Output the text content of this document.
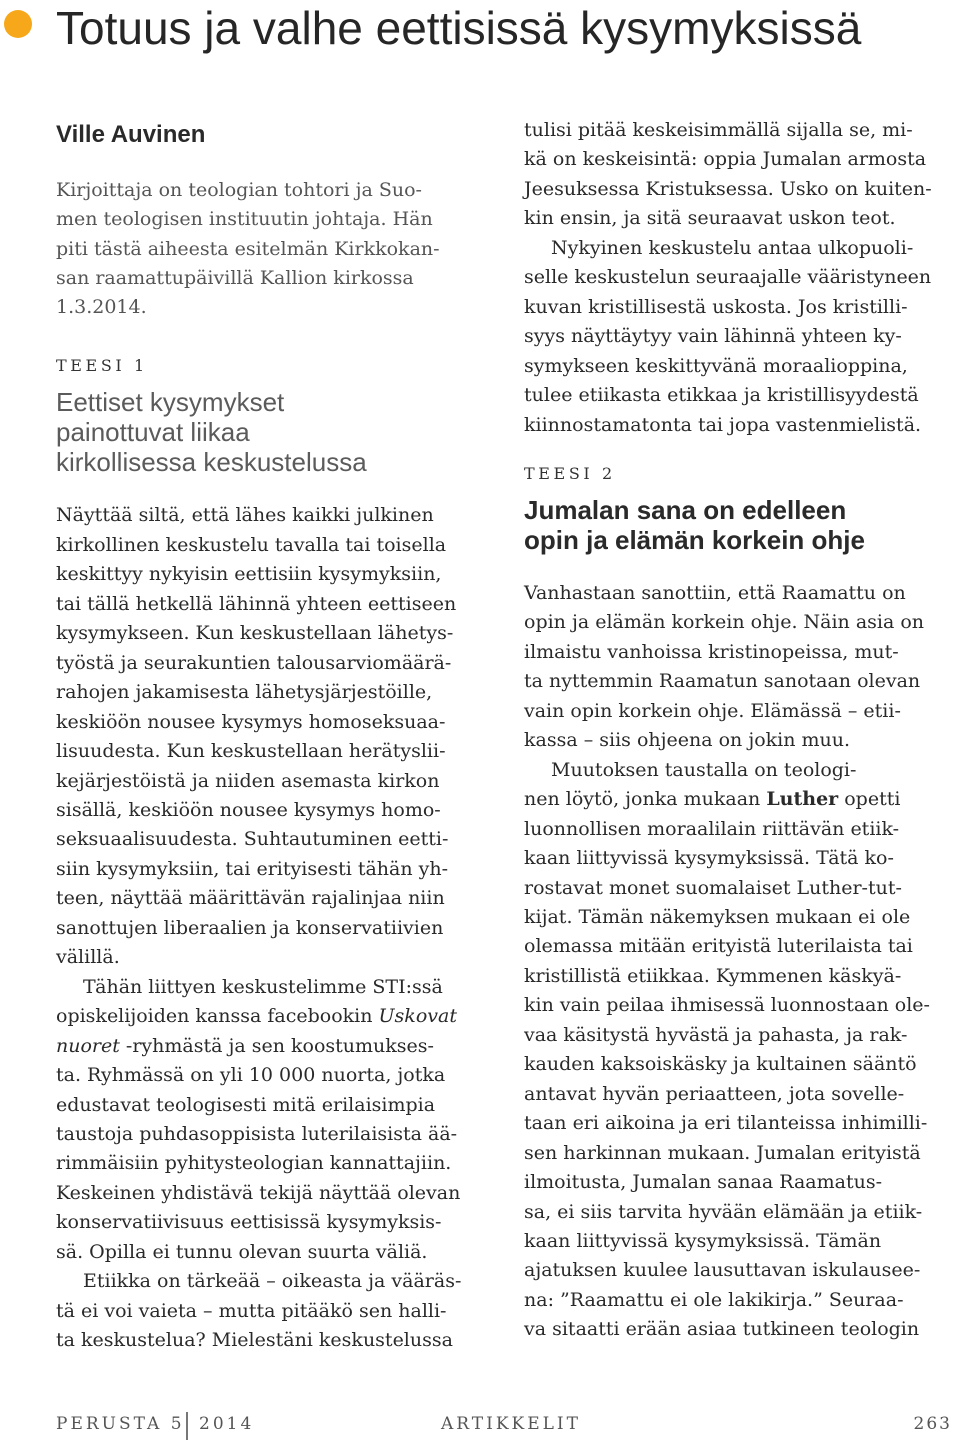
Totuus ja valhe eettisissä kysymyksissä
Ville Auvinen
Kirjoittaja on teologian tohtori ja Suo-
men teologisen instituutin johtaja. Hän
piti tästä aiheesta esitelmän Kirkkokan-
san raamattupäivillä Kallion kirkossa
1.3.2014.
TEESI 1
Eettiset kysymykset
painottuvat liikaa
kirkollisessa keskustelussa
Näyttää siltä, että lähes kaikki julkinen
kirkollinen keskustelu tavalla tai toisella
keskittyy nykyisin eettisiin kysymyksiin,
tai tällä hetkellä lähinnä yhteen eettiseen
kysymykseen. Kun keskustellaan lähetys-
työstä ja seurakuntien talousarviomäärä-
rahojen jakamisesta lähetysjärjestöille,
keskiöön nousee kysymys homoseksuaa-
lisuudesta. Kun keskustellaan herätyslii-
kejärjestöistä ja niiden asemasta kirkon
sisällä, keskiöön nousee kysymys homo-
seksuaalisuudesta. Suhtautuminen eetti-
siin kysymyksiin, tai erityisesti tähän yh-
teen, näyttää määrittävän rajalinjaa niin
sanottujen liberaalien ja konservatiivien
välillä.
Tähän liittyen keskustelimme STI:ssä
opiskelijoiden kanssa facebookin Uskovat
nuoret -ryhmästä ja sen koostumukses-
ta. Ryhmässä on yli 10 000 nuorta, jotka
edustavat teologisesti mitä erilaisimpia
taustoja puhdasoppisista luterilaisista ää-
rimmäisiin pyhitysteologian kannattajiin.
Keskeinen yhdistävä tekijä näyttää olevan
konservatiivisuus eettisissä kysymyksis-
sä. Opilla ei tunnu olevan suurta väliä.
Etiikka on tärkeää – oikeasta ja vääräs-
tä ei voi vaieta – mutta pitääkö sen halli-
ta keskustelua? Mielestäni keskustelussa
tulisi pitää keskeisimmällä sijalla se, mi-
kä on keskeisintä: oppia Jumalan armosta
Jeesuksessa Kristuksessa. Usko on kuiten-
kin ensin, ja sitä seuraavat uskon teot.
Nykyinen keskustelu antaa ulkopuoli-
selle keskustelun seuraajalle vääristyneen
kuvan kristillisestä uskosta. Jos kristilli-
syys näyttäytyy vain lähinnä yhteen ky-
symykseen keskittyvänä moraalioppina,
tulee etiikasta etikkaa ja kristillisyydestä
kiinnostamatonta tai jopa vastenmielistä.
TEESI 2
Jumalan sana on edelleen
opin ja elämän korkein ohje
Vanhastaan sanottiin, että Raamattu on
opin ja elämän korkein ohje. Näin asia on
ilmaistu vanhoissa kristinopeissa, mut-
ta nyttemmin Raamatun sanotaan olevan
vain opin korkein ohje. Elämässä – etii-
kassa – siis ohjeena on jokin muu.
Muutoksen taustalla on teologi-
nen löytö, jonka mukaan Luther opetti
luonnollisen moraalilain riittävän etiik-
kaan liittyvissä kysymyksissä. Tätä ko-
rostavat monet suomalaiset Luther-tut-
kijat. Tämän näkemyksen mukaan ei ole
olemassa mitään erityistä luterilaista tai
kristillistä etiikkaa. Kymmenen käskyä-
kin vain peilaa ihmisessä luonnostaan ole-
vaa käsitystä hyvästä ja pahasta, ja rak-
kauden kaksoiskäsky ja kultainen sääntö
antavat hyvän periaatteen, jota sovelle-
taan eri aikoina ja eri tilanteissa inhimilli-
sen harkinnan mukaan. Jumalan erityistä
ilmoitusta, Jumalan sanaa Raamatus-
sa, ei siis tarvita hyvään elämään ja etiik-
kaan liittyvissä kysymyksissä. Tämän
ajatuksen kuulee lausuttavan iskulausee-
na: ”Raamattu ei ole lakikirja.” Seuraa-
va sitaatti erään asiaa tutkineen teologin
PERUSTA 5 2014	ARTIKKELIT	263
